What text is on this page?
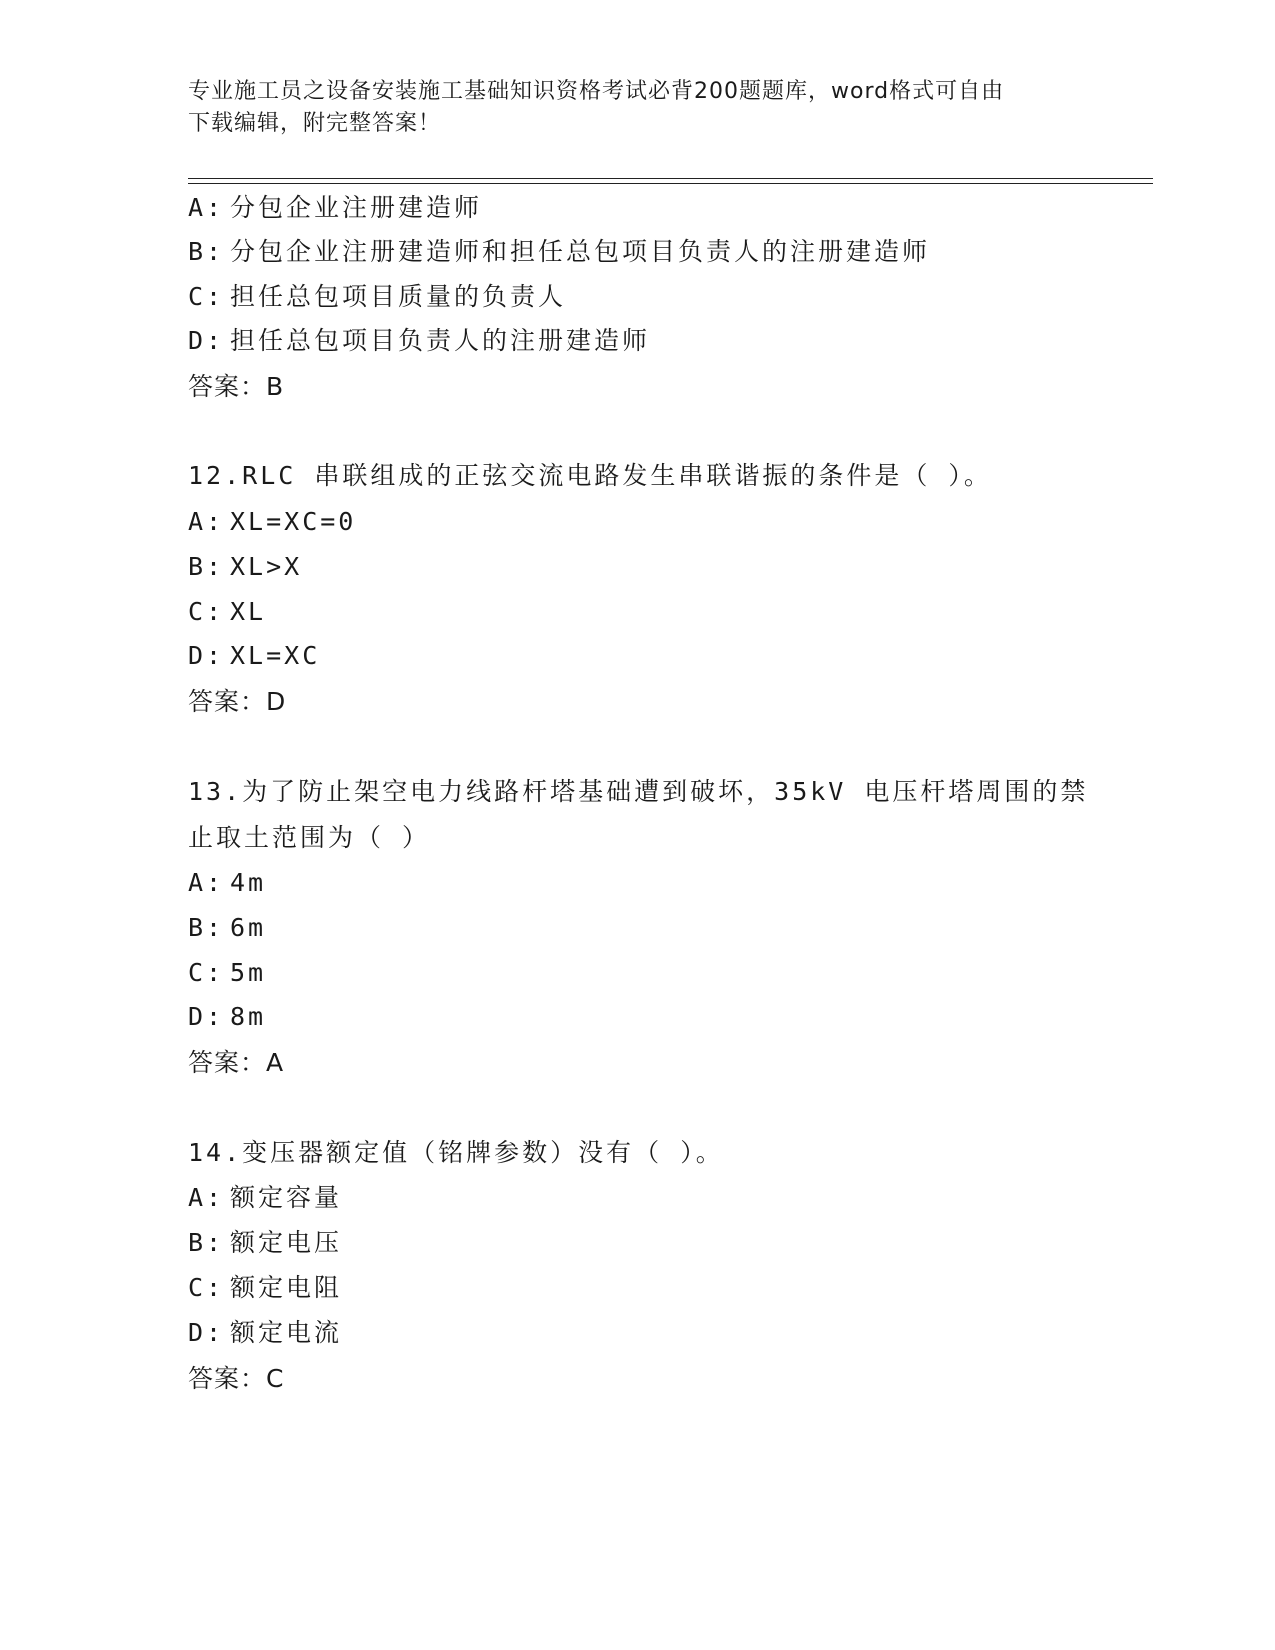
专业施工员之设备安装施工基础知识资格考试必背200题题库，word格式可自由
下载编辑，附完整答案！
A: 分包企业注册建造师
B: 分包企业注册建造师和担任总包项目负责人的注册建造师
C: 担任总包项目质量的负责人
D: 担任总包项目负责人的注册建造师
答案：B
12.RLC 串联组成的正弦交流电路发生串联谐振的条件是（ ）。
A: XL=XC=0
B: XL>X
C: XL
D: XL=XC
答案：D
13.为了防止架空电力线路杆塔基础遭到破坏，35kV 电压杆塔周围的禁
止取土范围为（ ）
A: 4m
B: 6m
C: 5m
D: 8m
答案：A
14.变压器额定值（铭牌参数）没有（ ）。
A: 额定容量
B: 额定电压
C: 额定电阻
D: 额定电流
答案：C
